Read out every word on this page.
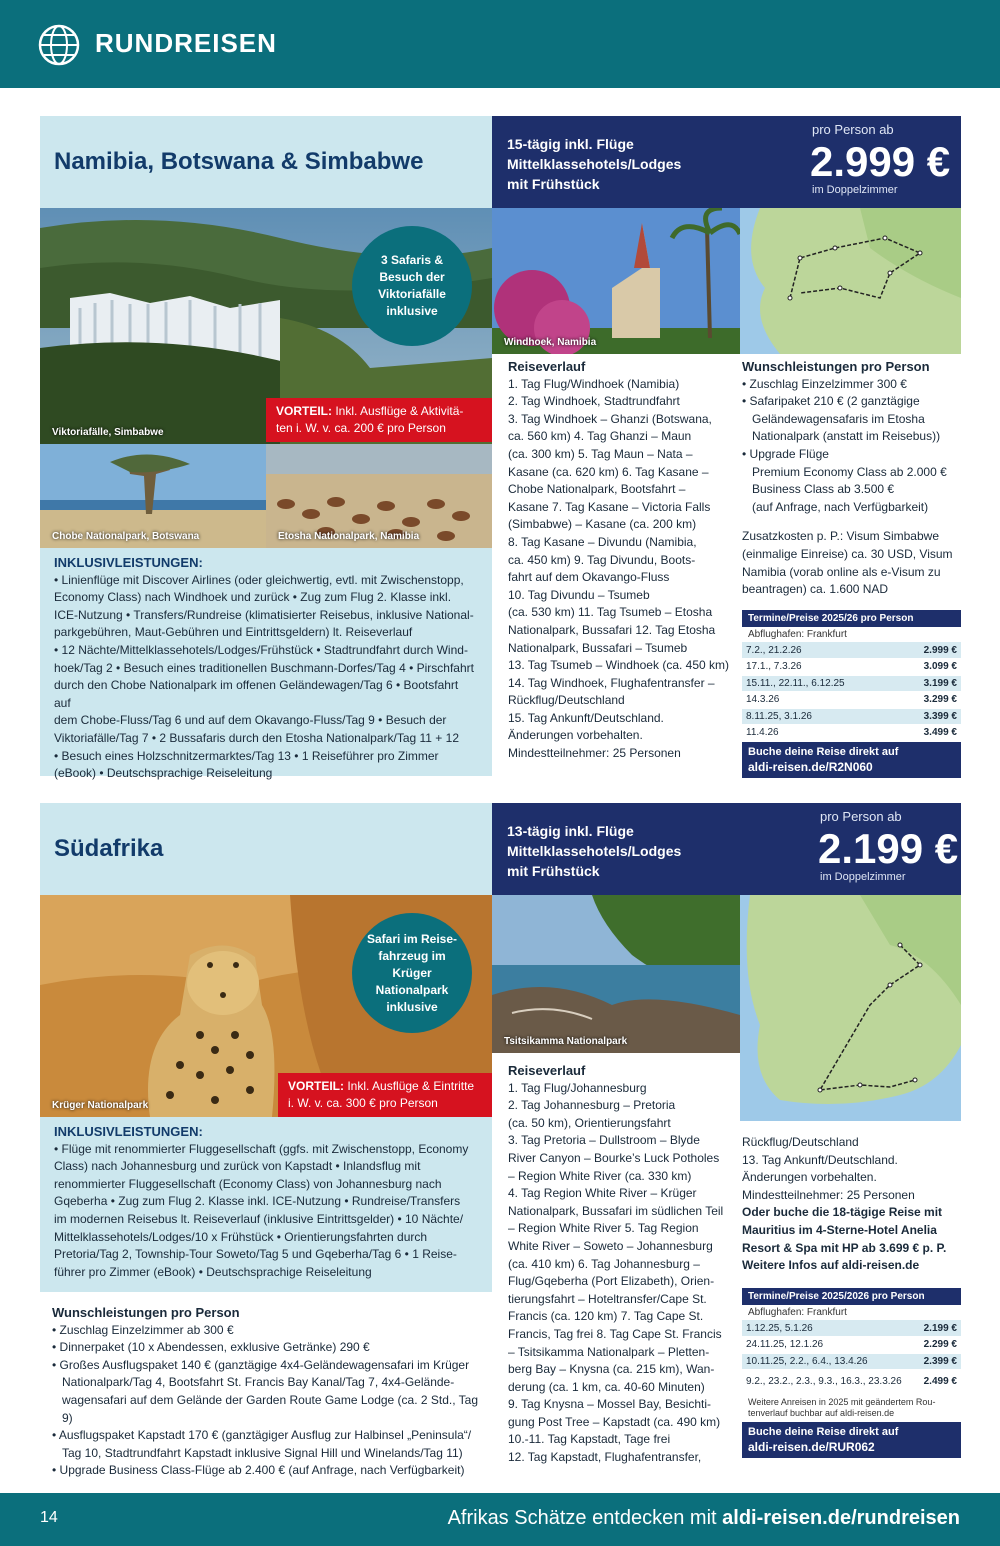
RUNDREISEN
Namibia, Botswana & Simbabwe
15-tägig inkl. Flüge
Mittelklassehotels/Lodges
mit Frühstück
pro Person ab
2.999 €
im Doppelzimmer
Viktoriafälle, Simbabwe
3 Safaris &
Besuch der
Viktoriafälle
inklusive
VORTEIL: Inkl. Ausflüge & Aktivitä-
ten i. W. v. ca. 200 € pro Person
Chobe Nationalpark, Botswana	Etosha Nationalpark, Namibia
INKLUSIVLEISTUNGEN:
• Linienflüge mit Discover Airlines (oder gleichwertig, evtl. mit Zwischenstopp,
Economy Class) nach Windhoek und zurück • Zug zum Flug 2. Klasse inkl.
ICE-Nutzung • Transfers/Rundreise (klimatisierter Reisebus, inklusive National-
parkgebühren, Maut-Gebühren und Eintrittsgeldern) lt. Reiseverlauf
• 12 Nächte/Mittelklassehotels/Lodges/Frühstück • Stadtrundfahrt durch Wind-
hoek/Tag 2 • Besuch eines traditionellen Buschmann-Dorfes/Tag 4 • Pirschfahrt
durch den Chobe Nationalpark im offenen Geländewagen/Tag 6 • Bootsfahrt auf
dem Chobe-Fluss/Tag 6 und auf dem Okavango-Fluss/Tag 9 • Besuch der
Viktoriafälle/Tag 7 • 2 Bussafaris durch den Etosha Nationalpark/Tag 11 + 12
• Besuch eines Holzschnitzermarktes/Tag 13 • 1 Reiseführer pro Zimmer
(eBook) • Deutschsprachige Reiseleitung
Windhoek, Namibia
Reiseverlauf
1. Tag Flug/Windhoek (Namibia)
2. Tag Windhoek, Stadtrundfahrt
3. Tag Windhoek – Ghanzi (Botswana,
ca. 560 km) 4. Tag Ghanzi – Maun
(ca. 300 km) 5. Tag Maun – Nata –
Kasane (ca. 620 km) 6. Tag Kasane –
Chobe Nationalpark, Bootsfahrt –
Kasane 7. Tag Kasane – Victoria Falls
(Simbabwe) – Kasane (ca. 200 km)
8. Tag Kasane – Divundu (Namibia,
ca. 450 km) 9. Tag Divundu, Boots-
fahrt auf dem Okavango-Fluss
10. Tag Divundu – Tsumeb
(ca. 530 km) 11. Tag Tsumeb – Etosha
Nationalpark, Bussafari 12. Tag Etosha
Nationalpark, Bussafari – Tsumeb
13. Tag Tsumeb – Windhoek (ca. 450 km)
14. Tag Windhoek, Flughafentransfer –
Rückflug/Deutschland
15. Tag Ankunft/Deutschland.
Änderungen vorbehalten.
Mindestteilnehmer: 25 Personen
Wunschleistungen pro Person
• Zuschlag Einzelzimmer 300 €
• Safaripaket 210 € (2 ganztägige
Geländewagensafaris im Etosha
Nationalpark (anstatt im Reisebus))
• Upgrade Flüge
Premium Economy Class ab 2.000 €
Business Class ab 3.500 €
(auf Anfrage, nach Verfügbarkeit)
Zusatzkosten p. P.: Visum Simbabwe
(einmalige Einreise) ca. 30 USD, Visum
Namibia (vorab online als e-Visum zu
beantragen) ca. 1.600 NAD
Termine/Preise 2025/26 pro Person
Abflughafen: Frankfurt
7.2., 21.2.26	2.999 €
17.1., 7.3.26	3.099 €
15.11., 22.11., 6.12.25	3.199 €
14.3.26	3.299 €
8.11.25, 3.1.26	3.399 €
11.4.26	3.499 €
Buche deine Reise direkt auf
aldi-reisen.de/R2N060
Südafrika
13-tägig inkl. Flüge
Mittelklassehotels/Lodges
mit Frühstück
pro Person ab
2.199 €
im Doppelzimmer
Krüger Nationalpark
Safari im Reise-
fahrzeug im
Krüger Nationalpark
inklusive
VORTEIL: Inkl. Ausflüge & Eintritte
i. W. v. ca. 300 € pro Person
INKLUSIVLEISTUNGEN:
• Flüge mit renommierter Fluggesellschaft (ggfs. mit Zwischenstopp, Economy
Class) nach Johannesburg und zurück von Kapstadt • Inlandsflug mit
renommierter Fluggesellschaft (Economy Class) von Johannesburg nach
Gqeberha • Zug zum Flug 2. Klasse inkl. ICE-Nutzung • Rundreise/Transfers
im modernen Reisebus lt. Reiseverlauf (inklusive Eintrittsgelder) • 10 Nächte/
Mittelklassehotels/Lodges/10 x Frühstück • Orientierungsfahrten durch
Pretoria/Tag 2, Township-Tour Soweto/Tag 5 und Gqeberha/Tag 6 • 1 Reise-
führer pro Zimmer (eBook) • Deutschsprachige Reiseleitung
Wunschleistungen pro Person
• Zuschlag Einzelzimmer ab 300 €
• Dinnerpaket (10 x Abendessen, exklusive Getränke) 290 €
• Großes Ausflugspaket 140 € (ganztägige 4x4-Geländewagensafari im Krüger
Nationalpark/Tag 4, Bootsfahrt St. Francis Bay Kanal/Tag 7, 4x4-Gelände-
wagensafari auf dem Gelände der Garden Route Game Lodge (ca. 2 Std., Tag 9)
• Ausflugspaket Kapstadt 170 € (ganztägiger Ausflug zur Halbinsel „Peninsula“/
Tag 10, Stadtrundfahrt Kapstadt inklusive Signal Hill und Winelands/Tag 11)
• Upgrade Business Class-Flüge ab 2.400 € (auf Anfrage, nach Verfügbarkeit)
Tsitsikamma Nationalpark
Reiseverlauf
1. Tag Flug/Johannesburg
2. Tag Johannesburg – Pretoria
(ca. 50 km), Orientierungsfahrt
3. Tag Pretoria – Dullstroom – Blyde
River Canyon – Bourke’s Luck Potholes
– Region White River (ca. 330 km)
4. Tag Region White River – Krüger
Nationalpark, Bussafari im südlichen Teil
– Region White River 5. Tag Region
White River – Soweto – Johannesburg
(ca. 410 km) 6. Tag Johannesburg –
Flug/Gqeberha (Port Elizabeth), Orien-
tierungsfahrt – Hoteltransfer/Cape St.
Francis (ca. 120 km) 7. Tag Cape St.
Francis, Tag frei 8. Tag Cape St. Francis
– Tsitsikamma Nationalpark – Pletten-
berg Bay – Knysna (ca. 215 km), Wan-
derung (ca. 1 km, ca. 40-60 Minuten)
9. Tag Knysna – Mossel Bay, Besichti-
gung Post Tree – Kapstadt (ca. 490 km)
10.-11. Tag Kapstadt, Tage frei
12. Tag Kapstadt, Flughafentransfer,
Rückflug/Deutschland
13. Tag Ankunft/Deutschland.
Änderungen vorbehalten.
Mindestteilnehmer: 25 Personen
Oder buche die 18-tägige Reise mit
Mauritius im 4-Sterne-Hotel Anelia
Resort & Spa mit HP ab 3.699 € p. P.
Weitere Infos auf aldi-reisen.de
Termine/Preise 2025/2026 pro Person
Abflughafen: Frankfurt
1.12.25, 5.1.26	2.199 €
24.11.25, 12.1.26	2.299 €
10.11.25, 2.2., 6.4., 13.4.26	2.399 €
9.2., 23.2., 2.3., 9.3., 16.3., 23.3.26	2.499 €
Weitere Anreisen in 2025 mit geändertem Rou-
tenverlauf buchbar auf aldi-reisen.de
Buche deine Reise direkt auf
aldi-reisen.de/RUR062
14	Afrikas Schätze entdecken mit aldi-reisen.de/rundreisen
